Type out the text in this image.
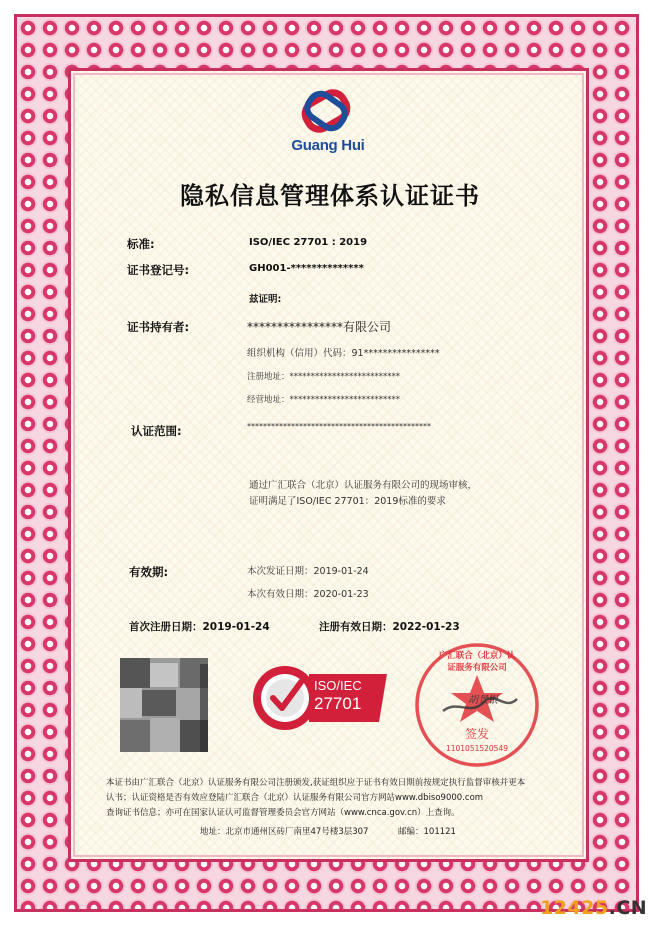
Guang Hui
隐私信息管理体系认证证书
标准:	ISO/IEC 27701 : 2019
证书登记号:	GH001-**************
兹证明:
证书持有者:	****************有限公司
组织机构（信用）代码：91****************
注册地址：**************************
经营地址：**************************
认证范围:	**********************************************
通过广汇联合（北京）认证服务有限公司的现场审核，
证明满足了ISO/IEC 27701：2019标准的要求
有效期:	本次发证日期：2019-01-24
本次有效日期：2020-01-23
首次注册日期：2019-01-24	注册有效日期：2022-01-23
ISO/IEC
27701
广汇联合（北京）认证服务有限公司
胡景银
签发
1101051520549
本证书由广汇联合（北京）认证服务有限公司注册颁发,获证组织应于证书有效日期前按规定执行监督审核并更本
认书；认证资格是否有效应登陆广汇联合（北京）认证服务有限公司官方网站www.dbiso9000.com
查询证书信息；亦可在国家认证认可监督管理委员会官方网站（www.cnca.gov.cn）上查询。
地址：北京市通州区砖厂南里47号楼3层307	邮编：101121
12425.CN
